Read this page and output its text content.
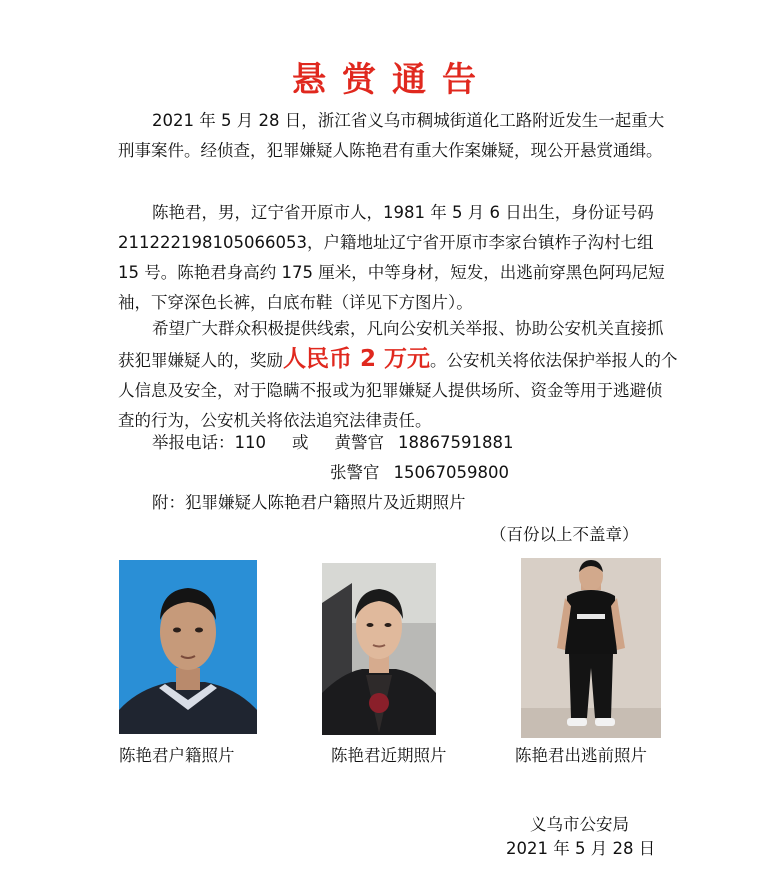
悬赏通告

2021 年 5 月 28 日，浙江省义乌市稠城街道化工路附近发生一起重大刑事案件。经侦查，犯罪嫌疑人陈艳君有重大作案嫌疑，现公开悬赏通缉。

陈艳君，男，辽宁省开原市人，1981 年 5 月 6 日出生，身份证号码 211222198105066053，户籍地址辽宁省开原市李家台镇柞子沟村七组 15 号。陈艳君身高约 175 厘米，中等身材，短发，出逃前穿黑色阿玛尼短袖，下穿深色长裤，白底布鞋（详见下方图片）。

希望广大群众积极提供线索，凡向公安机关举报、协助公安机关直接抓获犯罪嫌疑人的，奖励人民币 2 万元。公安机关将依法保护举报人的个人信息及安全，对于隐瞒不报或为犯罪嫌疑人提供场所、资金等用于逃避侦查的行为，公安机关将依法追究法律责任。

举报电话：110 或 黄警官 18867591881
张警官 15067059800
附：犯罪嫌疑人陈艳君户籍照片及近期照片
（百份以上不盖章）
陈艳君户籍照片	陈艳君近期照片	陈艳君出逃前照片
义乌市公安局
2021 年 5 月 28 日
